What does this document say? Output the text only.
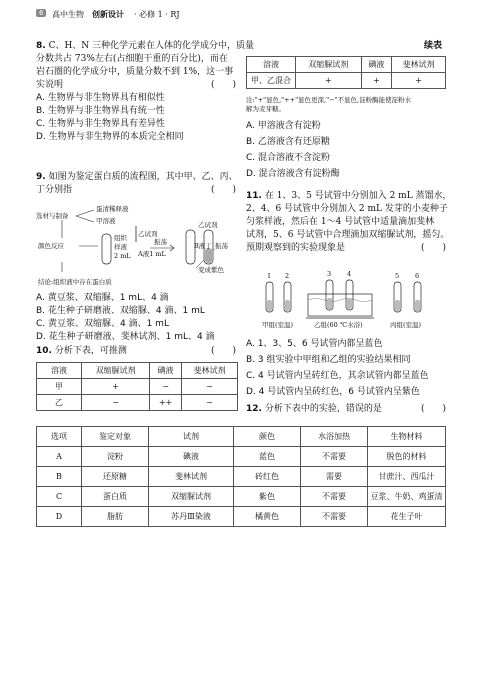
6	高中生物 创新设计 · 必修 1 · RJ
8. C、H、N 三种化学元素在人体的化学成分中，质量
分数共占 73%左右(占细胞干重的百分比)，而在
岩石圈的化学成分中，质量分数不到 1%，这一事
实说明	(　　)
A. 生物界与非生物界具有相似性
B. 生物界与非生物界具有统一性
C. 生物界与非生物界具有差异性
D. 生物界与非生物界的本质完全相同
9. 如图为鉴定蛋白质的流程图，其中甲、乙、丙、
丁分别指	(　　)
选材与制备
蛋清稀释液
甲溶液
颜色反应
组织
样液
2 mL
乙试剂
A液1 mL
振荡
乙试剂
B液丁_振荡
变成紫色
结论:组织液中存在蛋白质
A. 黄豆浆、双缩脲、1 mL、4 滴
B. 花生种子研磨液、双缩脲、4 滴、1 mL
C. 黄豆浆、双缩脲、4 滴、1 mL
D. 花生种子研磨液、斐林试剂、1 mL、4 滴
10. 分析下表，可推测	(　　)
溶液	双缩脲试剂	碘液	斐林试剂
甲	+	−	−
乙	−	++	−
续表
溶液	双缩脲试剂	碘液	斐林试剂
甲、乙混合	+	+	+
注:"+"显色,"++"显色更深,"−"不显色,淀粉酶能使淀粉水
解为麦芽糖。
A. 甲溶液含有淀粉
B. 乙溶液含有还原糖
C. 混合溶液不含淀粉
D. 混合溶液含有淀粉酶
11. 在 1、3、5 号试管中分别加入 2 mL 蒸馏水，
2、4、6 号试管中分别加入 2 mL 发芽的小麦种子
匀浆样液，然后在 1～4 号试管中适量滴加斐林
试剂，5、6 号试管中合理滴加双缩脲试剂，摇匀。
预期观察到的实验现象是	(　　)
1 2	3 4	5 6
甲组(室温)	乙组(60 ℃水浴)	丙组(室温)
A. 1、3、5、6 号试管内都呈蓝色
B. 3 组实验中甲组和乙组的实验结果相同
C. 4 号试管内呈砖红色，其余试管内都呈蓝色
D. 4 号试管内呈砖红色，6 号试管内呈紫色
12. 分析下表中的实验，错误的是	(　　)
选项	鉴定对象	试剂	颜色	水浴加热	生物材料
A	淀粉	碘液	蓝色	不需要	脱色的材料
B	还原糖	斐林试剂	砖红色	需要	甘蔗汁、西瓜汁
C	蛋白质	双缩脲试剂	紫色	不需要	豆浆、牛奶、鸡蛋清
D	脂肪	苏丹Ⅲ染液	橘黄色	不需要	花生子叶
